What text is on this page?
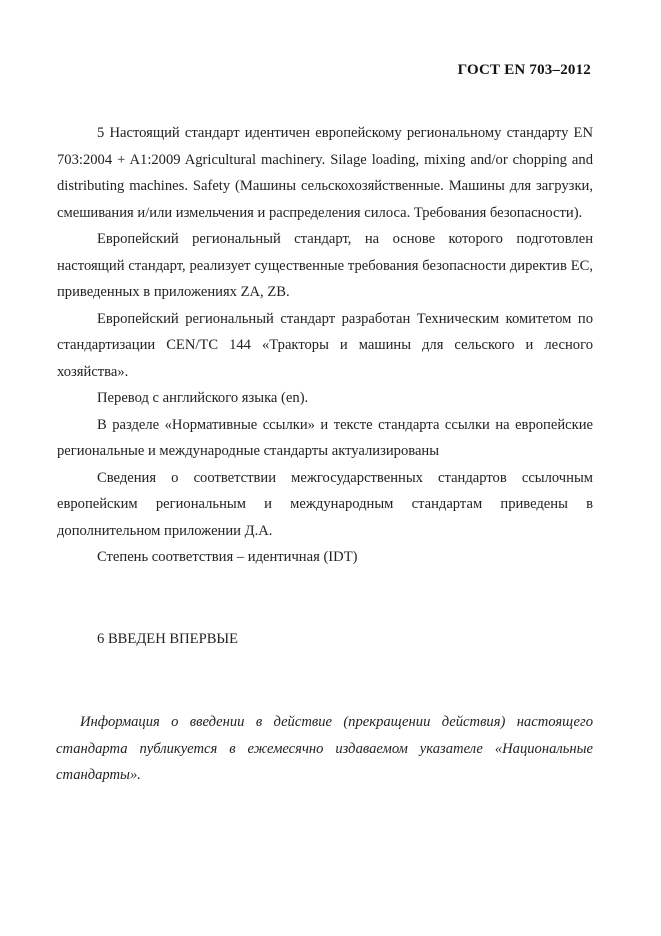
ГОСТ EN 703–2012

5 Настоящий стандарт идентичен европейскому региональному стандарту EN 703:2004 + A1:2009 Agricultural machinery. Silage loading, mixing and/or chopping and distributing machines. Safety (Машины сельскохозяйственные. Машины для загрузки, смешивания и/или измельчения и распределения силоса. Требования безопасности).

Европейский региональный стандарт, на основе которого подготовлен настоящий стандарт, реализует существенные требования безопасности директив ЕС, приведенных в приложениях ZA, ZB.

Европейский региональный стандарт разработан Техническим комитетом по стандартизации CEN/TC 144 «Тракторы и машины для сельского и лесного хозяйства».

Перевод с английского языка (en).

В разделе «Нормативные ссылки» и тексте стандарта ссылки на европейские региональные и международные стандарты актуализированы

Сведения о соответствии межгосударственных стандартов ссылочным европейским региональным и международным стандартам приведены в дополнительном приложении Д.А.

Степень соответствия – идентичная (IDT)

6 ВВЕДЕН ВПЕРВЫЕ

Информация о введении в действие (прекращении действия) настоящего стандарта публикуется в ежемесячно издаваемом указателе «Национальные стандарты».
